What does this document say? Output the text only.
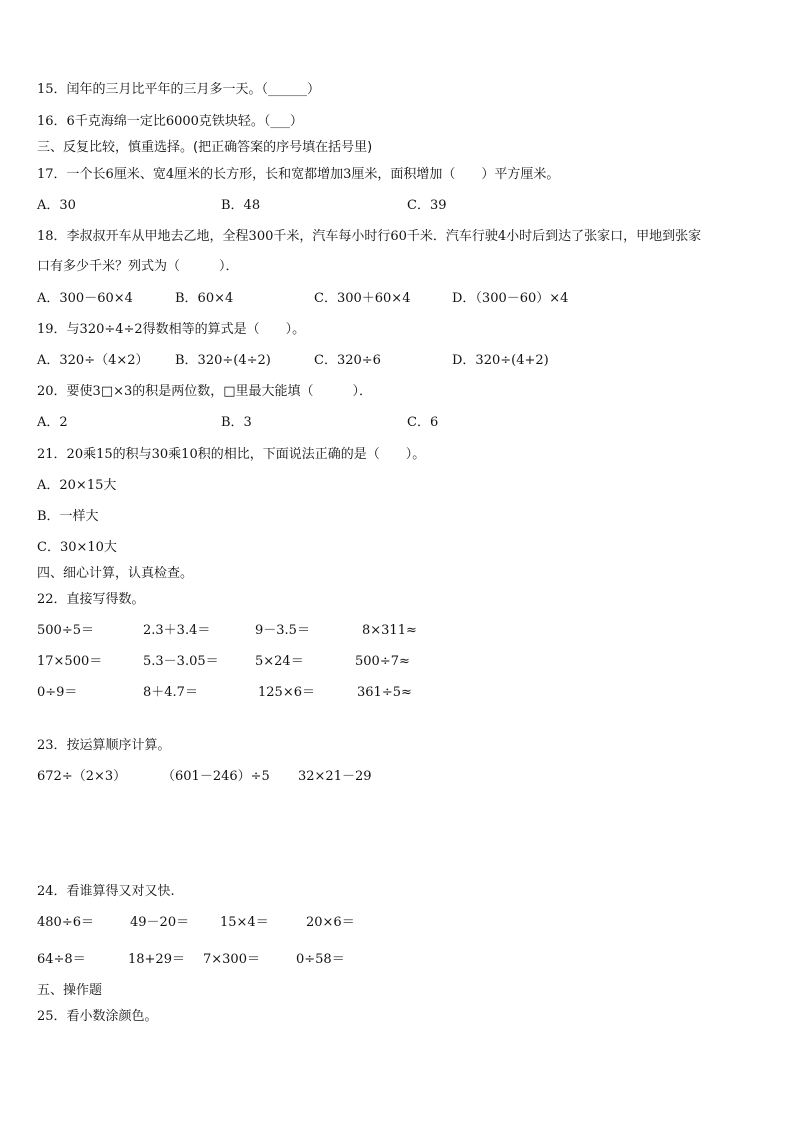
15．闰年的三月比平年的三月多一天。（______）
16．6千克海绵一定比6000克铁块轻。（___）
三、反复比较，慎重选择。(把正确答案的序号填在括号里)
17．一个长6厘米、宽4厘米的长方形，长和宽都增加3厘米，面积增加（　　）平方厘米。
A．30	B．48	C．39
18．李叔叔开车从甲地去乙地，全程300千米，汽车每小时行60千米．汽车行驶4小时后到达了张家口，甲地到张家
口有多少千米？列式为（　　　）．
A．300－60×4	B．60×4	C．300＋60×4	D．（300－60）×4
19．与320÷4÷2得数相等的算式是（　　）。
A．320÷（4×2） B．320÷(4÷2)	C．320÷6	D．320÷(4+2)
20．要使3□×3的积是两位数，□里最大能填（　　　）．
A．2	B．3	C．6
21．20乘15的积与30乘10积的相比，下面说法正确的是（　　）。
A．20×15大
B．一样大
C．30×10大
四、细心计算，认真检查。
22．直接写得数。
500÷5＝	2.3＋3.4＝	9－3.5＝	8×311≈
17×500＝	5.3－3.05＝	5×24＝	500÷7≈
0÷9＝	8＋4.7＝	125×6＝	361÷5≈
23．按运算顺序计算。
672÷（2×3）	（601－246）÷5 32×21－29
24．看谁算得又对又快.
480÷6＝	49－20＝ 15×4＝	20×6＝
64÷8＝	18+29＝ 7×300＝	0÷58＝
五、操作题
25．看小数涂颜色。
